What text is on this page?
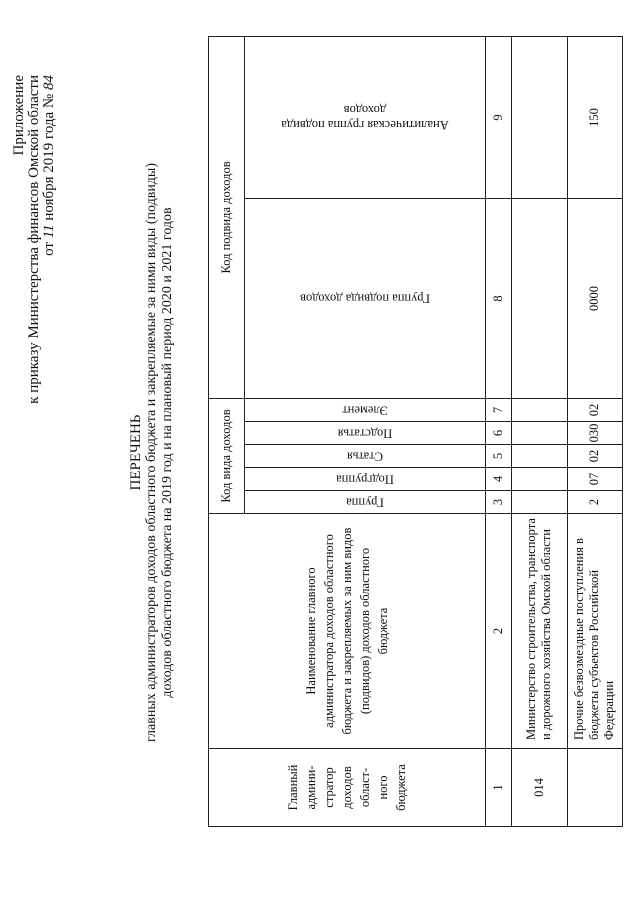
Приложение к приказу Министерства финансов Омской области от 11 ноября 2019 года № 84
ПЕРЕЧЕНЬ главных администраторов доходов областного бюджета и закрепляемые за ними виды (подвиды) доходов областного бюджета на 2019 год и на плановый период 2020 и 2021 годов
Главный админи-стратор доходов област-ного бюджета	Наименование главного администратора доходов областного бюджета и закрепляемых за ним видов (подвидов) доходов областного бюджета	Код вида доходов					Код подвида доходов	

		Группа	Подгруппа	Статья	Подстатья	Элемент	Группа подвида доходов	Аналитическая группа подвида доходов

1	2	3	4	5	6	7	8	9
014	Министерство строительства, транспорта и дорожного хозяйства Омской области							
	Прочие безвозмездные поступления в бюджеты субъектов Российской Федерации	2	07	02	030	02	0000	150
